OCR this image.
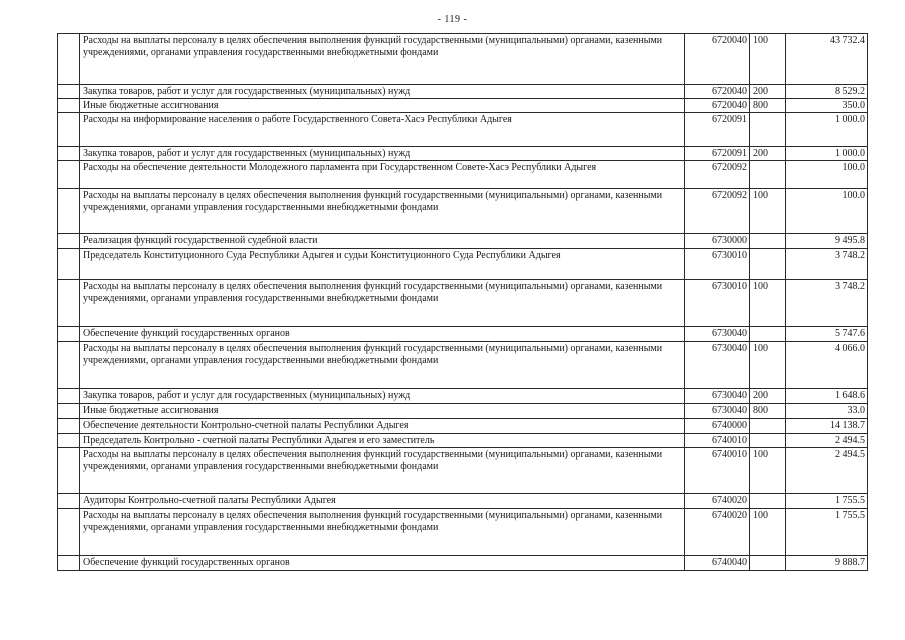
- 119 -
	Расходы на выплаты персоналу в целях обеспечения выполнения функций государственными (муниципальными) органами, казенными учреждениями, органами управления государственными внебюджетными фондами	6720040	100	43 732.4
	Закупка товаров, работ и услуг для государственных (муниципальных) нужд	6720040	200	8 529.2
	Иные бюджетные ассигнования	6720040	800	350.0
	Расходы на информирование населения о работе Государственного Совета-Хасэ Республики Адыгея	6720091		1 000.0
	Закупка товаров, работ и услуг для государственных (муниципальных) нужд	6720091	200	1 000.0
	Расходы на обеспечение деятельности Молодежного парламента при Государственном Совете-Хасэ Республики Адыгея	6720092		100.0
	Расходы на выплаты персоналу в целях обеспечения выполнения функций государственными (муниципальными) органами, казенными учреждениями, органами управления государственными внебюджетными фондами	6720092	100	100.0
	Реализация функций государственной судебной власти	6730000		9 495.8
	Председатель Конституционного Суда Республики Адыгея и судьи Конституционного Суда Республики Адыгея	6730010		3 748.2
	Расходы на выплаты персоналу в целях обеспечения выполнения функций государственными (муниципальными) органами, казенными учреждениями, органами управления государственными внебюджетными фондами	6730010	100	3 748.2
	Обеспечение функций государственных органов	6730040		5 747.6
	Расходы на выплаты персоналу в целях обеспечения выполнения функций государственными (муниципальными) органами, казенными учреждениями, органами управления государственными внебюджетными фондами	6730040	100	4 066.0
	Закупка товаров, работ и услуг для государственных (муниципальных) нужд	6730040	200	1 648.6
	Иные бюджетные ассигнования	6730040	800	33.0
	Обеспечение деятельности Контрольно-счетной палаты Республики Адыгея	6740000		14 138.7
	Председатель Контрольно - счетной палаты Республики Адыгея и его заместитель	6740010		2 494.5
	Расходы на выплаты персоналу в целях обеспечения выполнения функций государственными (муниципальными) органами, казенными учреждениями, органами управления государственными внебюджетными фондами	6740010	100	2 494.5
	Аудиторы Контрольно-счетной палаты Республики Адыгея	6740020		1 755.5
	Расходы на выплаты персоналу в целях обеспечения выполнения функций государственными (муниципальными) органами, казенными учреждениями, органами управления государственными внебюджетными фондами	6740020	100	1 755.5
	Обеспечение функций государственных органов	6740040		9 888.7
